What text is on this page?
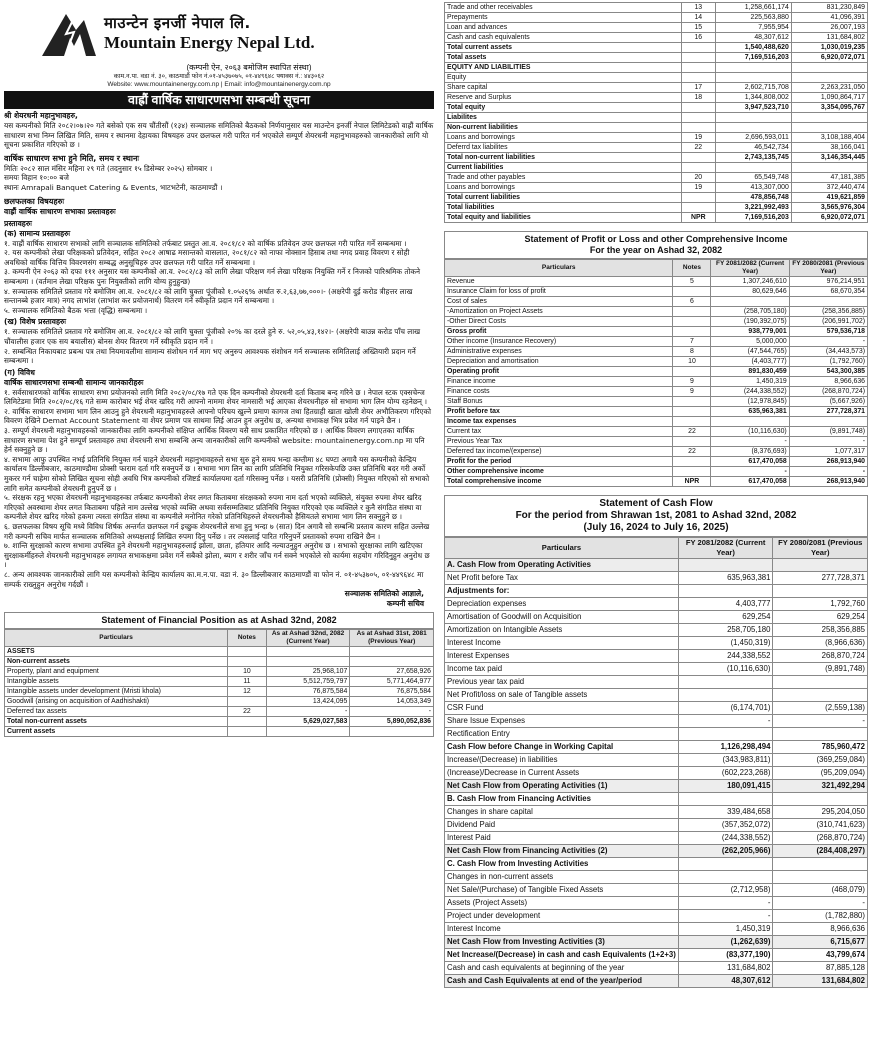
माउन्टेन इनर्जी नेपाल लि.
Mountain Energy Nepal Ltd.
(कम्पनी ऐन, २०६३ बमोजिम स्थापित संस्था)
काम.न.पा. वडा नं. ३०, काठमाडौं फोन नं.०१-४५३७०७५, ०१-४४९६४८ फ्याक्स नं.: ४४३०६२
Website: www.mountainenergy.com.np | Email: info@mountainenergy.com.np
वाह्रौं वार्षिक साधारणसभा सम्बन्धी सूचना
श्री शेयरधनी महानुभावहरु,
यस कम्पनीको मिति २०८२।०७।२० गते बसेको एक सय चौंतीसौं (१३४) सञ्चालक समितिको बैठकको निर्णयानुसार यस माउन्टेन इनर्जी नेपाल लिमिटेडको वाह्रौं वार्षिक साधारण सभा निम्न लिखित मिति, समय र स्थानमा देहायका विषयहरु उपर छलफल गरी पारित गर्न भएकोले सम्पूर्ण शेयरधनी महानुभावहरुको जानकारीको लागि यो सूचना प्रकाशित गरिएको छ ।
वार्षिक साधारण सभा हुने मिति, समय र स्थानः
मितिः २०८२ साल मंसिर महिना २९ गते (तदनुसार १५ डिसेम्बर २०२५) सोमबार ।
समयः विहान १०:०० बजे
स्थानः Amrapali Banquet Catering & Events, भाटभटेनी, काठमाण्डौं ।
छलफलका विषयहरुः
वाह्रौं वार्षिक साधारण सभाका प्रस्तावहरुः
प्रस्तावहरुः
(क) सामान्य प्रस्तावहरुः
१. वाह्रौं वार्षिक साधारण सभाको लागि सञ्चालक समितिको तर्फबाट प्रस्तुत आ.व. २०८१/८२ को वार्षिक प्रतिवेदन उपर छलफल गरी पारित गर्ने सम्बन्धमा ।
२. यस कम्पनीको लेखा परिक्षकको प्रतिवेदन, सहित २०८२ आषाढ मसान्तको वासलात, २०८१/८२ को नाफा नोक्सान हिसाब तथा नगद प्रवाह विवरण र सोही अवधिको वार्षिक वित्तिय विवरणसंग सम्बद्ध अनुसूचिहरु उपर छलफल गरी पारित गर्ने सम्बन्धमा ।
३. कम्पनी ऐन २०६३ को दफा १११ अनुसार यस कम्पनीको आ.व. २०८२/८३ को लागि लेखा परिक्षण गर्न लेखा परिक्षक नियुक्ति गर्ने र निजको पारिश्रमिक तोकने सम्बन्धमा । (वर्तमान लेखा परिक्षक पुनः नियुक्तीको लागि योग्य हुनुहुन्छ)
४. सञ्चालक समितिले प्रस्ताव गरे बमोजिम आ.व. २०८१/८२ को लागि चुक्ता पूंजीको १.०५२६% अर्थात रु.२,६३,७७,०००।- (अक्षरेपी दुई करोड त्रीहत्तर लाख सन्तानब्बे हजार मात्र) नगद लाभांश (लाभांश कर प्रयोजनार्थ) वितरण गर्ने स्वीकृति प्रदान गर्ने सम्बन्धमा ।
५. सञ्चालक समितिको बैठक भत्ता (वृद्धि) सम्बन्धमा ।
(ख) विशेष प्रस्तावहरुः
१. सञ्चालक समितिले प्रस्ताव गरे बमोजिम आ.व. २०८१/८२ को लागि चुक्ता पूंजीको २०% का दरले हुने रु. ५२,०५,४३,१४२।- (अक्षरेपी बाउन्न करोड पाँच लाख चौंवालीस हजार एक सय बयालीस) बोनस शेयर वितरण गर्ने स्वीकृति प्रदान गर्ने ।
२. सम्बन्धित निकायबाट प्रबन्ध पत्र तथा नियमावलीमा सामान्य संशोधन गर्न माग भए अनुरुप आवश्यक संशोधन गर्न सञ्चालक समितिलाई अख्तियारी प्रदान गर्ने सम्बन्धमा ।
(ग) विविध
वार्षिक साधारणसभा सम्बन्धी सामान्य जानकारीहरुः
१. सर्वसाधारणको वार्षिक साधारण सभा प्रयोजनको लागि मिति २०८२/०८/१७ गते एक दिन कम्पनीको शेयरधनी दर्ता किताब बन्द गरिने छ । नेपाल स्टक एक्सचेन्ज लिमिटेडमा मिति २०८२/०८/१६ गते सम्म कारोबार भई शेयर खरिद गरी आफ्नो नाममा शेयर नामसारी भई आएका शेयरधनीहरु सो सभामा भाग लिन योग्य रहनेछन् ।
२. वार्षिक साधारण सभामा भाग लिन आउनु हुने शेयरधनी महानुभावहरुले आफ्नो परिचय खुल्ने प्रमाण कागज तथा हितग्राही खाता खोली शेयर अभौतिकरण गरिएको विवरण देखिने Demat Account Statement वा शेयर प्रमाण पत्र साथमा लिई आउन हुन अनुरोध छ, अन्यथा सभाकक्ष भित्र प्रवेश गर्न पाइने छैन ।
३. सम्पूर्ण शेयरधनी महानुभावहरुको जानकारीका लागि कम्पनीको संक्षिप्त आर्थिक विवरण यसै साथ प्रकाशित गरिएको छ । आर्थिक विवरण लगाएतका वार्षिक साधारण सभामा पेश हुने सम्पूर्ण प्रस्तावहरु तथा शेयरधनी सभा सम्बन्धि अन्य जानकारीको लागि कम्पनीको website: mountainenergy.com.np मा पनि हेर्न सक्नुहुने छ ।
४. सभामा आफु उपस्थित नभई प्रतिनिधि नियुक्त गर्न चाहने शेयरधनी महानुभावहरुले सभा सुरु हुने समय भन्दा कम्तीमा ४८ घण्टा अगावै यस कम्पनीको केन्द्रिय कार्यालय डिल्लीबजार, काठमाण्डौमा प्रोक्सी फाराम दर्ता गरि सक्नुपर्ने छ । सभामा भाग लिन का लागि प्रतिनिधि नियुक्त गरिसकेपछि उक्त प्रतिनिधि बदर गरी अर्को मुकरर गर्न चाहेमा सोको लिखित सूचना सोही अवधि भित्र कम्पनीको रजिष्टर्ड कार्यालयमा दर्ता गरिसक्नु पर्नेछ । यसरी प्रतिनिधि (प्रोक्सी) नियुक्त गरिएको सो सभाको लागि समेत कम्पनीको शेयरधनी हुनुपर्ने छ ।
५. संरक्षक रहनु भएका शेयरधनी महानुभावहरुका तर्फबाट कम्पनीको शेयर लगत किताबमा संरक्षकको रुपमा नाम दर्ता भएको व्यक्तिले, संयुक्त रुपमा शेयर खरिद गरिएको अवस्थामा शेयर लगत किताबमा पहिले नाम उल्लेख भएको व्यक्ति अथवा सर्वसम्मतिबाट प्रतिनिधि नियुक्त गरिएको एक व्यक्तिले र कुनै संगठित संस्था वा कम्पनीले शेयर खरिद गरेको हकमा त्यस्ता संगठित संस्था वा कम्पनीले मनोनित गरेको प्रतिनिधिहरुले शेयरधनीको हैसियतले सभामा भाग लिन सक्नुहुने छ ।
६. छलफलका विषय सूचि मध्ये विविध शिर्षक अन्तर्गत छलफल गर्न इच्छुक शेयरधनीले सभा हुनु भन्दा ७ (सात) दिन अगावै सो सम्बन्धि प्रस्ताव कारण सहित उल्लेख गरी कम्पनी सचिव मार्फत सञ्चालक समितिको अध्यक्षलाई लिखित रुपमा दिनु पर्नेछ । तर त्यसलाई पारित गरिनुपर्ने प्रस्तावको रुपमा राखिने छैन ।
७. शान्ति सुरक्षाको कारण सभामा उपस्थित हुने शेयरधनी महानुभावहरुलाई झोला, छाता, हतियार आदि नल्याउनुहुन अनुरोध छ । सभाको सुरक्षाका लागि खटिएका सुरक्षाकर्मीहरुले शेयरधनी महानुभावहरु लगायत सभाकक्षमा प्रवेश गर्ने सबैको झोला, ब्याग र शरीर जाँच गर्न सक्ने भएकोले सो कार्यमा सहयोग गरिदिनुहुन अनुरोध छ ।
८. अन्य आवश्यक जानकारीको लागि यस कम्पनीको केन्द्रिय कार्यालय का.म.न.पा. वडा नं. ३० डिल्लीबजार काठमाण्डौं वा फोन नं. ०१-४५३७०५, ०१-४४९६४८ मा सम्पर्क राख्नुहुन अनुरोध गर्दछौं ।
सञ्चालक समितिको आज्ञाले,
कम्पनी सचिव
Statement of Financial Position as at Ashad 32nd, 2082
Particulars	Notes	As at Ashad 32nd, 2082 (Current Year)	As at Ashad 31st, 2081 (Previous Year)
ASSETS			
Non-current assets			
Property, plant and equipment	10	25,968,107	27,658,926
Intangible assets	11	5,512,759,797	5,771,464,977
Intangible assets under development (Mristi khola)	12	76,875,584	76,875,584
Goodwill (arising on acquisition of Aadhishakti)		13,424,095	14,053,349
Deferred tax assets	22	-	-
Total non-current assets		5,629,027,583	5,890,052,836
Current assets			
Trade and other receivables	13	1,258,661,174	831,230,849
Prepayments	14	225,563,880	41,096,391
Loan and advances	15	7,955,954	26,007,193
Cash and cash equivalents	16	48,307,612	131,684,802
Total current assets		1,540,488,620	1,030,019,235
Total assets		7,169,516,203	6,920,072,071
EQUITY AND LIABILITIES			
Equity			
Share capital	17	2,602,715,708	2,263,231,050
Reserve and Surplus	18	1,344,808,002	1,090,864,717
Total equity		3,947,523,710	3,354,095,767
Liabilites			
Non-current liabilities			
Loans and borrowings	19	2,696,593,011	3,108,188,404
Deferrd tax liabilites	22	46,542,734	38,166,041
Total non-current liabilities		2,743,135,745	3,146,354,445
Current liabilities			
Trade and other payables	20	65,549,748	47,181,385
Loans and borrowings	19	413,307,000	372,440,474
Total current liabilities		478,856,748	419,621,859
Total liabilities		3,221,992,493	3,565,976,304
Total equity and liabilities	NPR	7,169,516,203	6,920,072,071
Statement of Profit or Loss and other Comprehensive Income
For the year on Ashad 32, 2082
Particulars	Notes	FY 2081/2082 (Current Year)	FY 2080/2081 (Previous Year)
Revenue	5	1,307,246,610	976,214,951
Insurance Claim for loss of profit		80,629,646	68,670,354
Cost of sales	6		
-Amortization on Project Assets		(258,705,180)	(258,356,885)
-Other Direct Costs		(190,392,075)	(206,991,702)
Gross profit		938,779,001	579,536,718
Other income (Insurance Recovery)	7	5,000,000	-
Administrative expenses	8	(47,544,765)	(34,443,573)
Depreciation and amortisation	10	(4,403,777)	(1,792,760)
Operating profit		891,830,459	543,300,385
Finance income	9	1,450,319	8,966,636
Finance costs	9	(244,338,552)	(268,870,724)
Staff Bonus		(12,978,845)	(5,667,926)
Profit before tax		635,963,381	277,728,371
Income tax expenses			
Current tax	22	(10,116,630)	(9,891,748)
Previous Year Tax		-	-
Deferred tax income/(expense)	22	(8,376,693)	1,077,317
Profit for the period		617,470,058	268,913,940
Other comprehensive income		-	-
Total comprehensive income	NPR	617,470,058	268,913,940
Statement of Cash Flow
For the period from Shrawan 1st, 2081 to Ashad 32nd, 2082
(July 16, 2024 to July 16, 2025)
Particulars	FY 2081/2082 (Current Year)	FY 2080/2081 (Previous Year)
A. Cash Flow from Operating Activities		
Net Profit before Tax	635,963,381	277,728,371
Adjustments for:		
Depreciation expenses	4,403,777	1,792,760
Amortisation of Goodwill on Acquisition	629,254	629,254
Amortization on Intangible Assets	258,705,180	258,356,885
Interest Income	(1,450,319)	(8,966,636)
Interest Expenses	244,338,552	268,870,724
Income tax paid	(10,116,630)	(9,891,748)
Previous year tax paid		
Net Profit/loss on sale of Tangible assets		
CSR Fund	(6,174,701)	(2,559,138)
Share Issue Expenses	-	-
Rectification Entry		
Cash Flow before Change in Working Capital	1,126,298,494	785,960,472
Increase/(Decrease) in liabilities	(343,983,811)	(369,259,084)
(Increase)/Decrease in Current Assets	(602,223,268)	(95,209,094)
Net Cash Flow from Operating Activities (1)	180,091,415	321,492,294
B. Cash Flow from Financing Activities		
Changes in share capital	339,484,658	295,204,050
Dividend Paid	(357,352,072)	(310,741,623)
Interest Paid	(244,338,552)	(268,870,724)
Net Cash Flow from Financing Activities (2)	(262,205,966)	(284,408,297)
C. Cash Flow from Investing Activities		
Changes in non-current assets		
Net Sale/(Purchase) of Tangible Fixed Assets	(2,712,958)	(468,079)
Assets (Project Assets)	-	-
Project under development	-	(1,782,880)
Interest Income	1,450,319	8,966,636
Net Cash Flow from Investing Activities (3)	(1,262,639)	6,715,677
Net Increase/(Decrease) in cash and cash Equivalents (1+2+3)	(83,377,190)	43,799,674
Cash and cash equivalents at beginning of the year	131,684,802	87,885,128
Cash and Cash Equivalents at end of the year/period	48,307,612	131,684,802
